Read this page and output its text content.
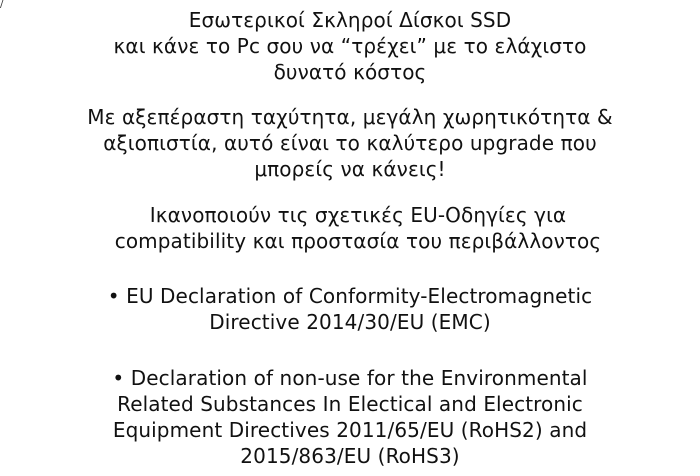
/
Εσωτερικοί Σκληροί Δίσκοι SSD
και κάνε το Pc σου να “τρέχει” με το ελάχιστο
δυνατό κόστος
Με αξεπέραστη ταχύτητα, μεγάλη χωρητικότητα &
αξιοπιστία, αυτό είναι το καλύτερο upgrade που
μπορείς να κάνεις!
Ικανοποιούν τις σχετικές EU-Οδηγίες για
compatibility και προστασία του περιβάλλοντος
• EU Declaration of Conformity-Electromagnetic
Directive 2014/30/EU (EMC)
• Declaration of non-use for the Environmental
Related Substances In Electical and Electronic
Equipment Directives 2011/65/EU (RoHS2) and
2015/863/EU (RoHS3)
